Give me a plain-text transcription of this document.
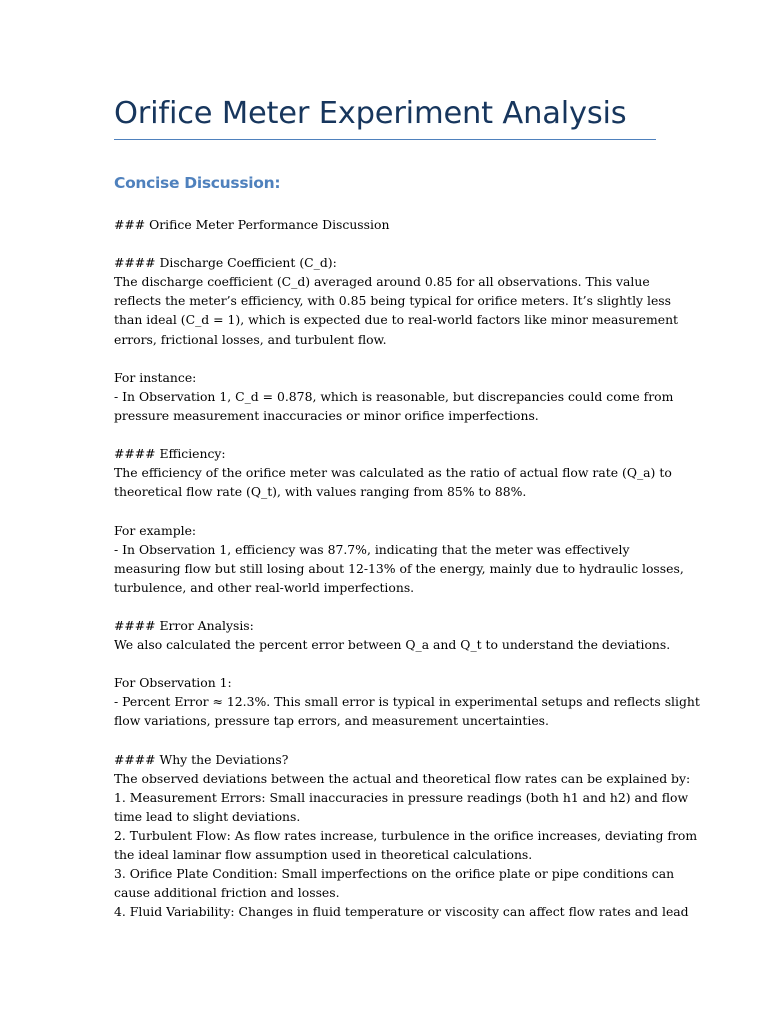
Orifice Meter Experiment Analysis
Concise Discussion:
### Orifice Meter Performance Discussion
#### Discharge Coefficient (C_d):
The discharge coefficient (C_d) averaged around 0.85 for all observations. This value
reflects the meter’s efficiency, with 0.85 being typical for orifice meters. It’s slightly less
than ideal (C_d = 1), which is expected due to real-world factors like minor measurement
errors, frictional losses, and turbulent flow.
For instance:
- In Observation 1, C_d = 0.878, which is reasonable, but discrepancies could come from
pressure measurement inaccuracies or minor orifice imperfections.
#### Efficiency:
The efficiency of the orifice meter was calculated as the ratio of actual flow rate (Q_a) to
theoretical flow rate (Q_t), with values ranging from 85% to 88%.
For example:
- In Observation 1, efficiency was 87.7%, indicating that the meter was effectively
measuring flow but still losing about 12-13% of the energy, mainly due to hydraulic losses,
turbulence, and other real-world imperfections.
#### Error Analysis:
We also calculated the percent error between Q_a and Q_t to understand the deviations.
For Observation 1:
- Percent Error ≈ 12.3%. This small error is typical in experimental setups and reflects slight
flow variations, pressure tap errors, and measurement uncertainties.
#### Why the Deviations?
The observed deviations between the actual and theoretical flow rates can be explained by:
1. Measurement Errors: Small inaccuracies in pressure readings (both h1 and h2) and flow
time lead to slight deviations.
2. Turbulent Flow: As flow rates increase, turbulence in the orifice increases, deviating from
the ideal laminar flow assumption used in theoretical calculations.
3. Orifice Plate Condition: Small imperfections on the orifice plate or pipe conditions can
cause additional friction and losses.
4. Fluid Variability: Changes in fluid temperature or viscosity can affect flow rates and lead
